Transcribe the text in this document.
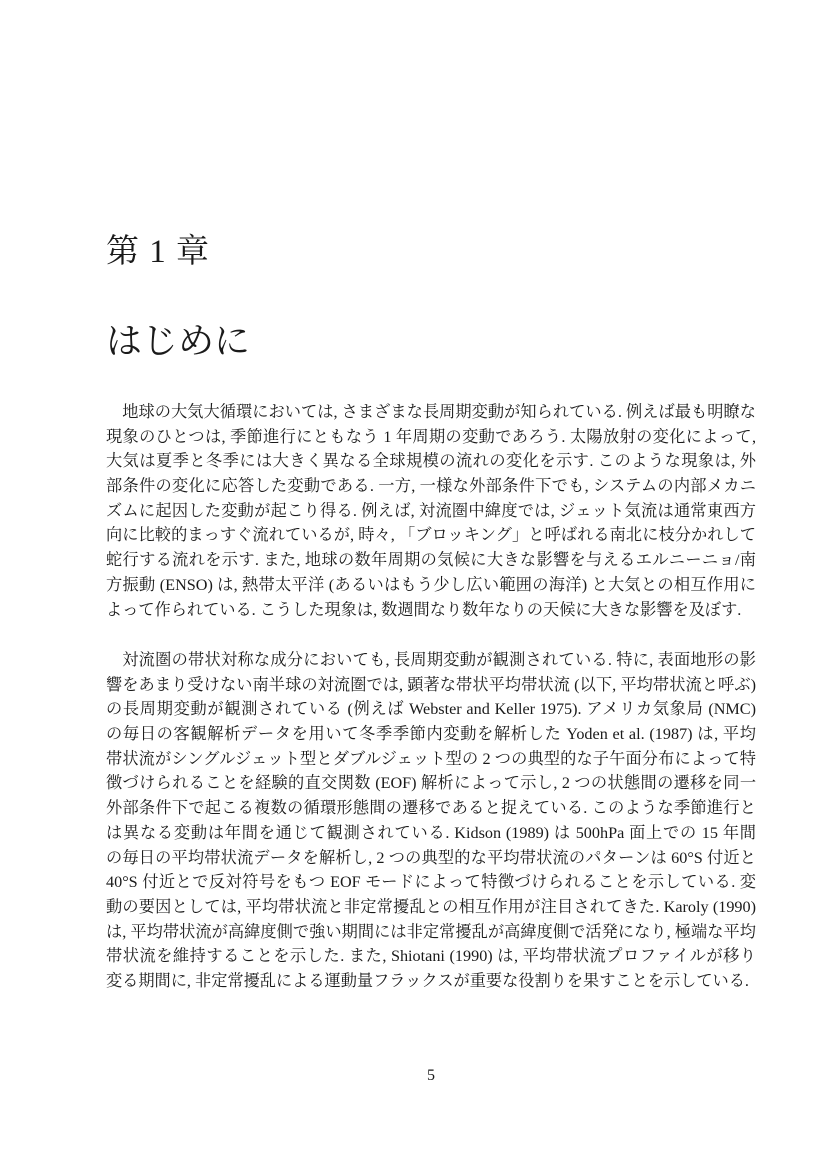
第 1 章
はじめに
地球の大気大循環においては, さまざまな長周期変動が知られている. 例えば最も明瞭な
現象のひとつは, 季節進行にともなう 1 年周期の変動であろう. 太陽放射の変化によって,
大気は夏季と冬季には大きく異なる全球規模の流れの変化を示す. このような現象は, 外
部条件の変化に応答した変動である. 一方, 一様な外部条件下でも, システムの内部メカニ
ズムに起因した変動が起こり得る. 例えば, 対流圏中緯度では, ジェット気流は通常東西方
向に比較的まっすぐ流れているが, 時々, 「ブロッキング」と呼ばれる南北に枝分かれして
蛇行する流れを示す. また, 地球の数年周期の気候に大きな影響を与えるエルニーニョ/南
方振動 (ENSO) は, 熱帯太平洋 (あるいはもう少し広い範囲の海洋) と大気との相互作用に
よって作られている. こうした現象は, 数週間なり数年なりの天候に大きな影響を及ぼす.
対流圏の帯状対称な成分においても, 長周期変動が観測されている. 特に, 表面地形の影
響をあまり受けない南半球の対流圏では, 顕著な帯状平均帯状流 (以下, 平均帯状流と呼ぶ)
の長周期変動が観測されている (例えば Webster and Keller 1975). アメリカ気象局 (NMC)
の毎日の客観解析データを用いて冬季季節内変動を解析した Yoden et al. (1987) は, 平均
帯状流がシングルジェット型とダブルジェット型の 2 つの典型的な子午面分布によって特
徴づけられることを経験的直交関数 (EOF) 解析によって示し, 2 つの状態間の遷移を同一
外部条件下で起こる複数の循環形態間の遷移であると捉えている. このような季節進行と
は異なる変動は年間を通じて観測されている. Kidson (1989) は 500hPa 面上での 15 年間
の毎日の平均帯状流データを解析し, 2 つの典型的な平均帯状流のパターンは 60°S 付近と
40°S 付近とで反対符号をもつ EOF モードによって特徴づけられることを示している. 変
動の要因としては, 平均帯状流と非定常擾乱との相互作用が注目されてきた. Karoly (1990)
は, 平均帯状流が高緯度側で強い期間には非定常擾乱が高緯度側で活発になり, 極端な平均
帯状流を維持することを示した. また, Shiotani (1990) は, 平均帯状流プロファイルが移り
変る期間に, 非定常擾乱による運動量フラックスが重要な役割りを果すことを示している.
5
